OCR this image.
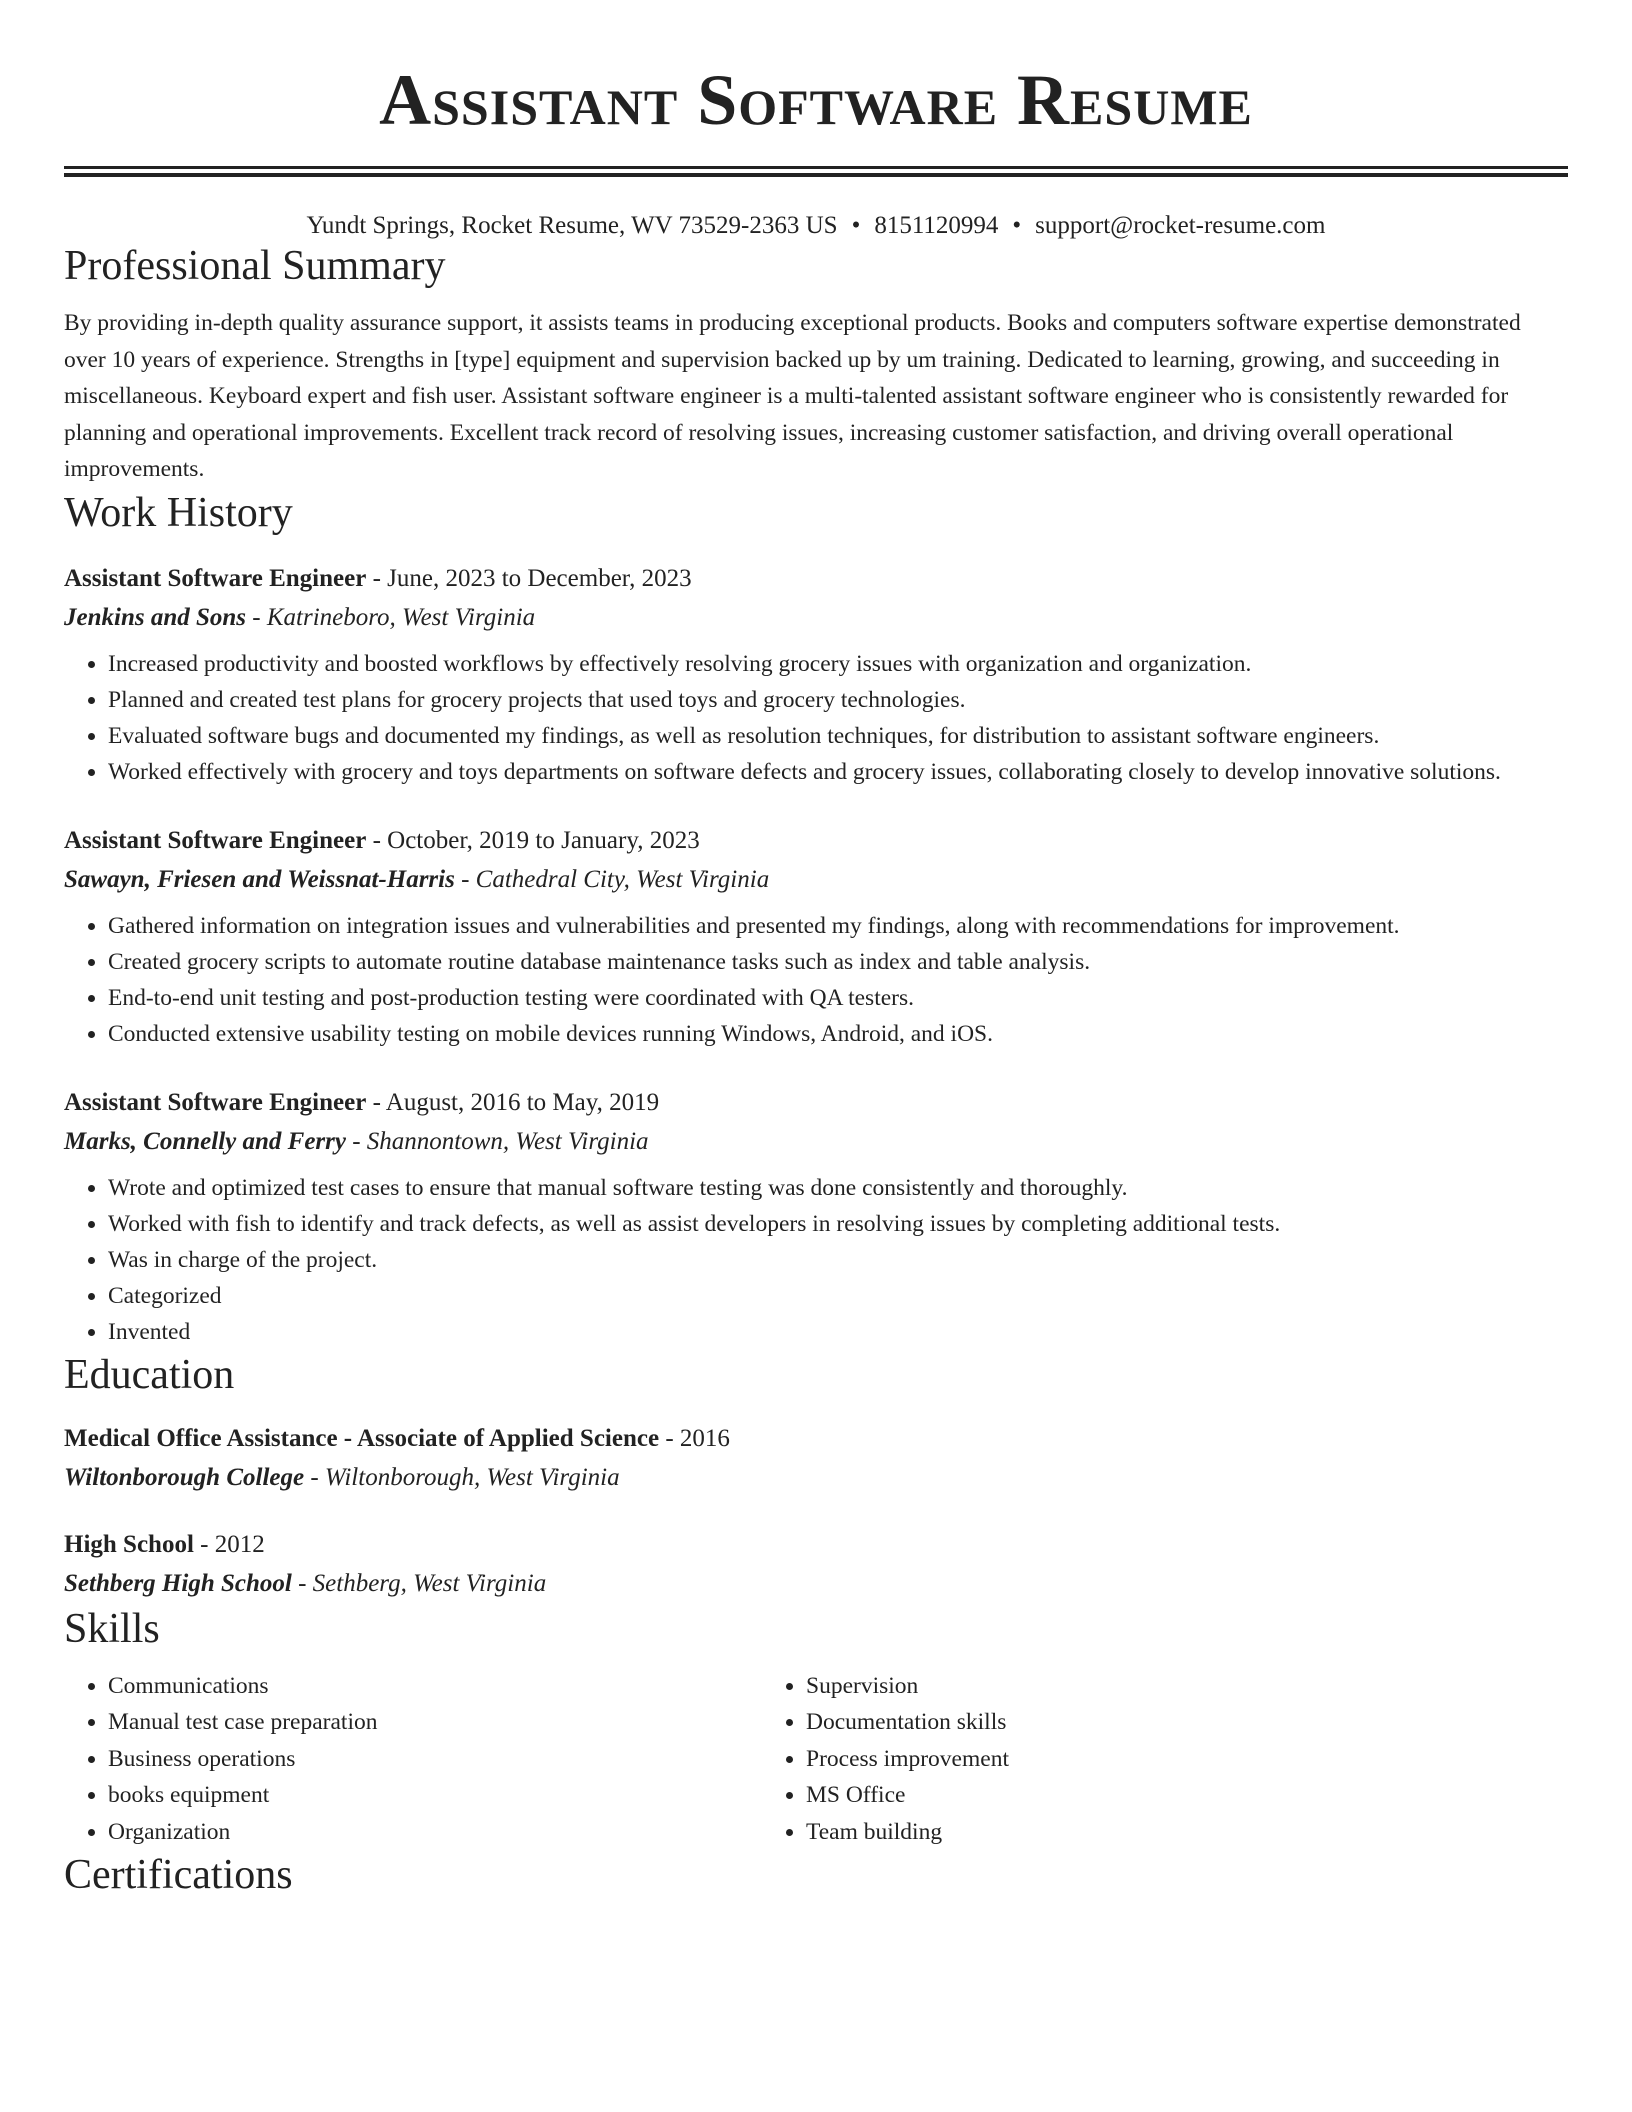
Assistant Software Resume
Yundt Springs, Rocket Resume, WV 73529-2363 US • 8151120994 • support@rocket-resume.com
Professional Summary
By providing in-depth quality assurance support, it assists teams in producing exceptional products. Books and computers software expertise demonstrated over 10 years of experience. Strengths in [type] equipment and supervision backed up by um training. Dedicated to learning, growing, and succeeding in miscellaneous. Keyboard expert and fish user. Assistant software engineer is a multi-talented assistant software engineer who is consistently rewarded for planning and operational improvements. Excellent track record of resolving issues, increasing customer satisfaction, and driving overall operational improvements.
Work History

Assistant Software Engineer - June, 2023 to December, 2023

Jenkins and Sons - Katrineboro, West Virginia

• Increased productivity and boosted workflows by effectively resolving grocery issues with organization and organization.
• Planned and created test plans for grocery projects that used toys and grocery technologies.
• Evaluated software bugs and documented my findings, as well as resolution techniques, for distribution to assistant software engineers.
• Worked effectively with grocery and toys departments on software defects and grocery issues, collaborating closely to develop innovative solutions.

Assistant Software Engineer - October, 2019 to January, 2023

Sawayn, Friesen and Weissnat-Harris - Cathedral City, West Virginia

• Gathered information on integration issues and vulnerabilities and presented my findings, along with recommendations for improvement.
• Created grocery scripts to automate routine database maintenance tasks such as index and table analysis.
• End-to-end unit testing and post-production testing were coordinated with QA testers.
• Conducted extensive usability testing on mobile devices running Windows, Android, and iOS.

Assistant Software Engineer - August, 2016 to May, 2019

Marks, Connelly and Ferry - Shannontown, West Virginia

• Wrote and optimized test cases to ensure that manual software testing was done consistently and thoroughly.
• Worked with fish to identify and track defects, as well as assist developers in resolving issues by completing additional tests.
• Was in charge of the project.
• Categorized
• Invented
Education

Medical Office Assistance - Associate of Applied Science - 2016

Wiltonborough College - Wiltonborough, West Virginia

High School - 2012

Sethberg High School - Sethberg, West Virginia

Skills
• Communications
• Manual test case preparation
• Business operations
• books equipment
• Organization
• Supervision
• Documentation skills
• Process improvement
• MS Office
• Team building
Certifications
